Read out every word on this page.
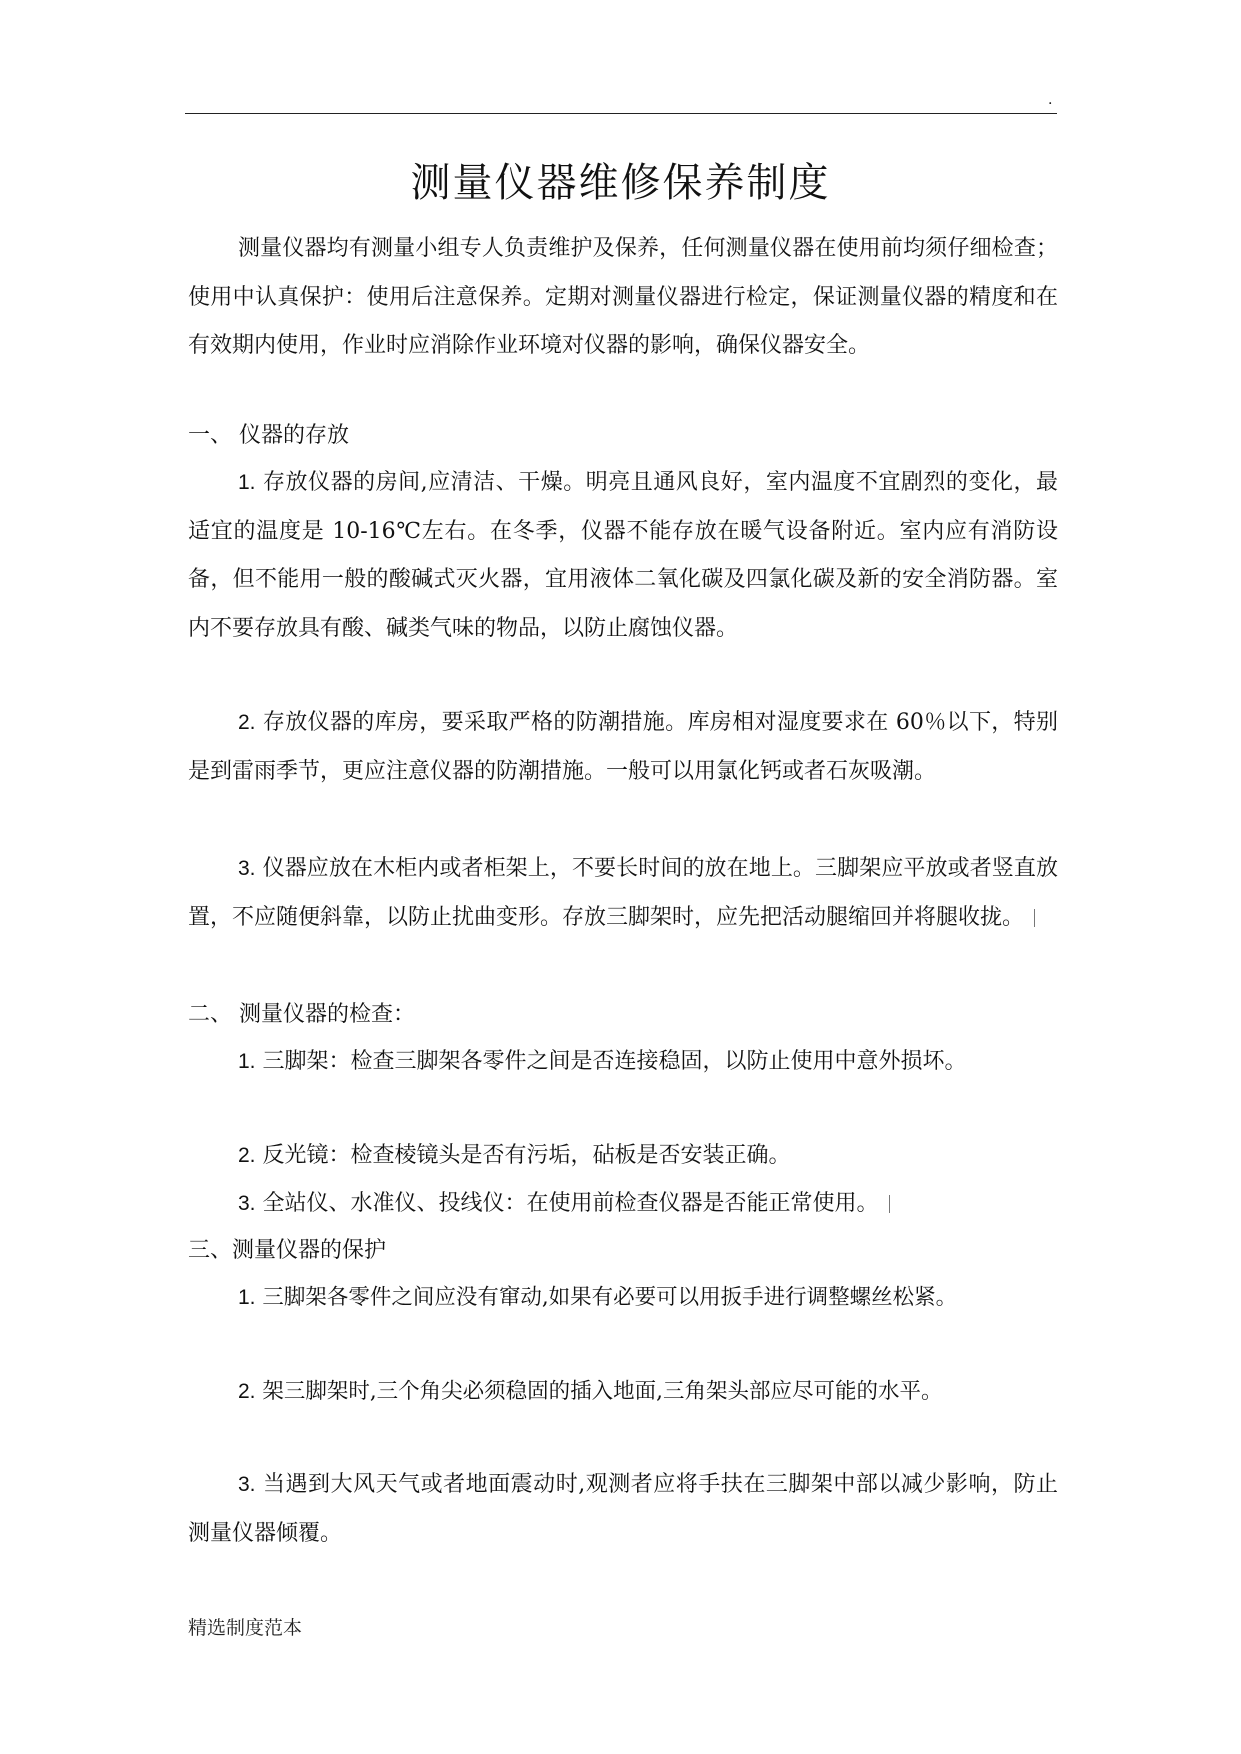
.
测量仪器维修保养制度

测量仪器均有测量小组专人负责维护及保养，任何测量仪器在使用前均须仔细检查；使用中认真保护：使用后注意保养。定期对测量仪器进行检定，保证测量仪器的精度和在有效期内使用，作业时应消除作业环境对仪器的影响，确保仪器安全。

一、 仪器的存放

1. 存放仪器的房间,应清洁、干燥。明亮且通风良好，室内温度不宜剧烈的变化，最适宜的温度是 10-16℃左右。在冬季，仪器不能存放在暖气设备附近。室内应有消防设备，但不能用一般的酸碱式灭火器，宜用液体二氧化碳及四氯化碳及新的安全消防器。室内不要存放具有酸、碱类气味的物品，以防止腐蚀仪器。

2. 存放仪器的库房，要采取严格的防潮措施。库房相对湿度要求在 60％以下，特别是到雷雨季节，更应注意仪器的防潮措施。一般可以用氯化钙或者石灰吸潮。

3. 仪器应放在木柜内或者柜架上，不要长时间的放在地上。三脚架应平放或者竖直放置，不应随便斜靠，以防止扰曲变形。存放三脚架时，应先把活动腿缩回并将腿收拢。

二、 测量仪器的检查：

1. 三脚架：检查三脚架各零件之间是否连接稳固，以防止使用中意外损坏。

2. 反光镜：检查棱镜头是否有污垢，砧板是否安装正确。

3. 全站仪、水准仪、投线仪：在使用前检查仪器是否能正常使用。

三、测量仪器的保护

1. 三脚架各零件之间应没有窜动,如果有必要可以用扳手进行调整螺丝松紧。

2. 架三脚架时,三个角尖必须稳固的插入地面,三角架头部应尽可能的水平。

3. 当遇到大风天气或者地面震动时,观测者应将手扶在三脚架中部以减少影响，防止测量仪器倾覆。

精选制度范本
